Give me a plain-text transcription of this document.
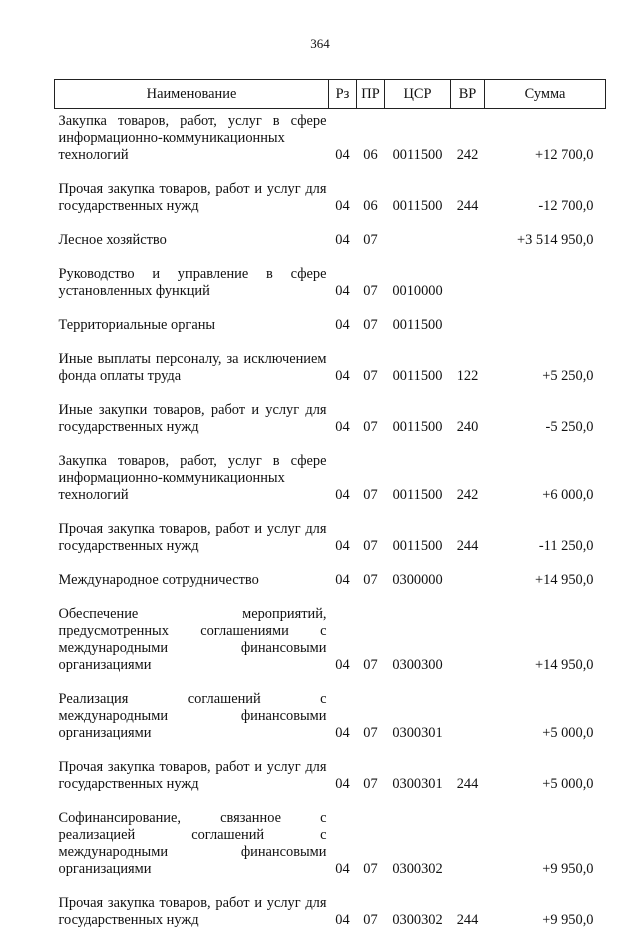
364
Наименование	Рз	ПР	ЦСР	ВР	Сумма
Закупка товаров, работ, услуг в сфере информационно-коммуникационных технологий	04	06	0011500	242	+12 700,0
Прочая закупка товаров, работ и услуг для государственных нужд	04	06	0011500	244	-12 700,0
Лесное хозяйство	04	07			+3 514 950,0
Руководство и управление в сфере установленных функций	04	07	0010000		
Территориальные органы	04	07	0011500		
Иные выплаты персоналу, за исключением фонда оплаты труда	04	07	0011500	122	+5 250,0
Иные закупки товаров, работ и услуг для государственных нужд	04	07	0011500	240	-5 250,0
Закупка товаров, работ, услуг в сфере информационно-коммуникационных технологий	04	07	0011500	242	+6 000,0
Прочая закупка товаров, работ и услуг для государственных нужд	04	07	0011500	244	-11 250,0
Международное сотрудничество	04	07	0300000		+14 950,0
Обеспечение мероприятий, предусмотренных соглашениями с международными финансовыми организациями	04	07	0300300		+14 950,0
Реализация соглашений с международными финансовыми организациями	04	07	0300301		+5 000,0
Прочая закупка товаров, работ и услуг для государственных нужд	04	07	0300301	244	+5 000,0
Софинансирование, связанное с реализацией соглашений с международными финансовыми организациями	04	07	0300302		+9 950,0
Прочая закупка товаров, работ и услуг для государственных нужд	04	07	0300302	244	+9 950,0
